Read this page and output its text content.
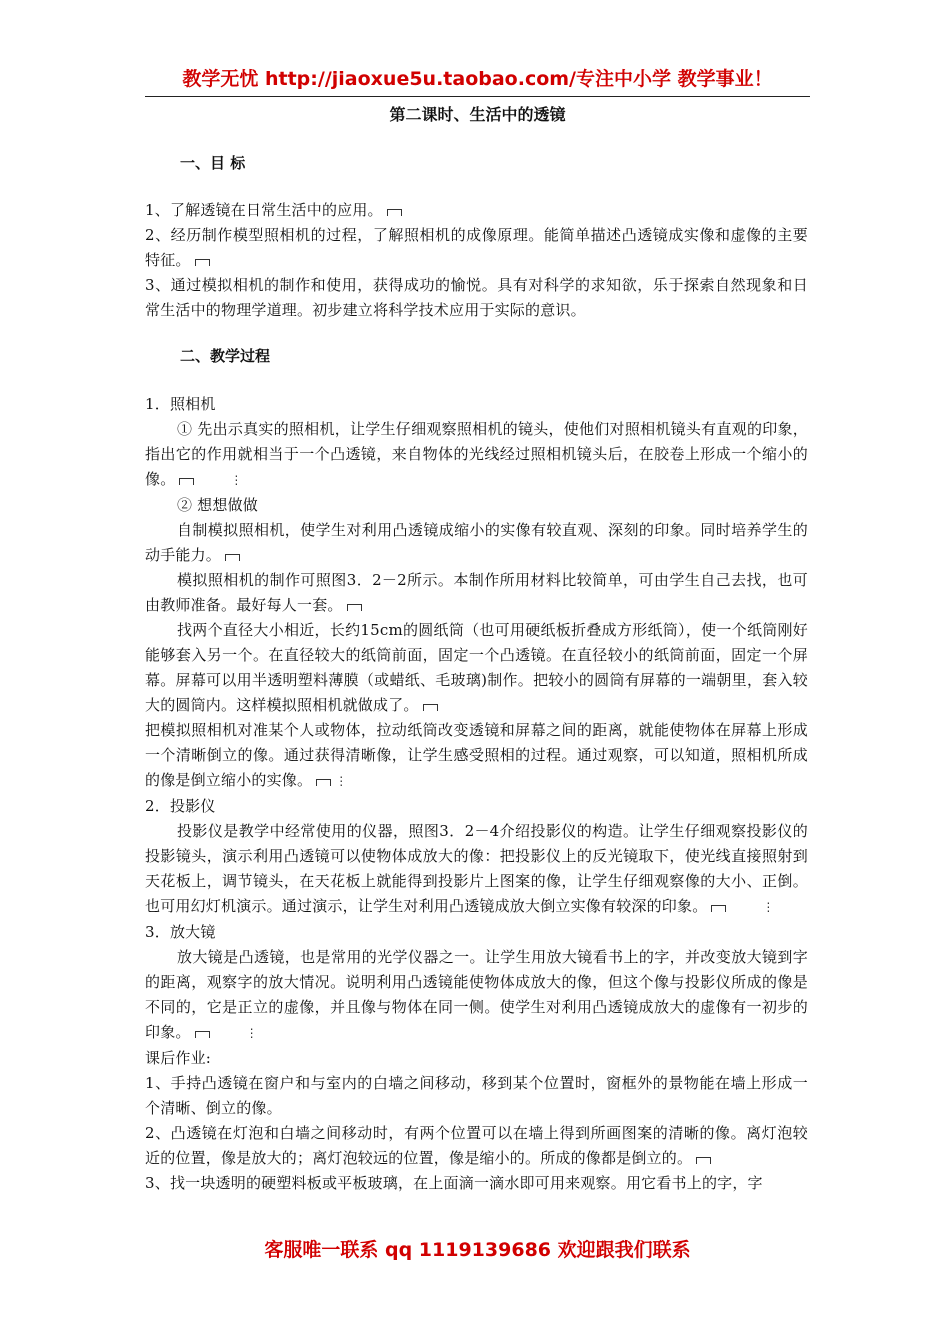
教学无忧 http://jiaoxue5u.taobao.com/专注中小学 教学事业！
第二课时、生活中的透镜
一、目 标

1、了解透镜在日常生活中的应用。

2、经历制作模型照相机的过程，了解照相机的成像原理。能简单描述凸透镜成实像和虚像的主要特征。

3、通过模拟相机的制作和使用，获得成功的愉悦。具有对科学的求知欲，乐于探索自然现象和日常生活中的物理学道理。初步建立将科学技术应用于实际的意识。

二、教学过程

1．照相机

① 先出示真实的照相机，让学生仔细观察照相机的镜头，使他们对照相机镜头有直观的印象，指出它的作用就相当于一个凸透镜，来自物体的光线经过照相机镜头后，在胶卷上形成一个缩小的像。	⋮

② 想想做做

自制模拟照相机，使学生对利用凸透镜成缩小的实像有较直观、深刻的印象。同时培养学生的动手能力。

模拟照相机的制作可照图3．2－2所示。本制作所用材料比较简单，可由学生自己去找，也可由教师准备。最好每人一套。

找两个直径大小相近，长约15cm的圆纸筒（也可用硬纸板折叠成方形纸筒），使一个纸筒刚好能够套入另一个。在直径较大的纸筒前面，固定一个凸透镜。在直径较小的纸筒前面，固定一个屏幕。屏幕可以用半透明塑料薄膜（或蜡纸、毛玻璃)制作。把较小的圆筒有屏幕的一端朝里，套入较大的圆筒内。这样模拟照相机就做成了。

把模拟照相机对准某个人或物体，拉动纸筒改变透镜和屏幕之间的距离，就能使物体在屏幕上形成一个清晰倒立的像。通过获得清晰像，让学生感受照相的过程。通过观察，可以知道，照相机所成的像是倒立缩小的实像。 ⋮

2．投影仪

投影仪是教学中经常使用的仪器，照图3．2－4介绍投影仪的构造。让学生仔细观察投影仪的投影镜头，演示利用凸透镜可以使物体成放大的像：把投影仪上的反光镜取下，使光线直接照射到天花板上，调节镜头，在天花板上就能得到投影片上图案的像，让学生仔细观察像的大小、正倒。也可用幻灯机演示。通过演示，让学生对利用凸透镜成放大倒立实像有较深的印象。	⋮

3．放大镜

放大镜是凸透镜，也是常用的光学仪器之一。让学生用放大镜看书上的字，并改变放大镜到字的距离，观察字的放大情况。说明利用凸透镜能使物体成放大的像，但这个像与投影仪所成的像是不同的，它是正立的虚像，并且像与物体在同一侧。使学生对利用凸透镜成放大的虚像有一初步的印象。	⋮

课后作业:

1、手持凸透镜在窗户和与室内的白墙之间移动，移到某个位置时，窗框外的景物能在墙上形成一个清晰、倒立的像。

2、凸透镜在灯泡和白墙之间移动时，有两个位置可以在墙上得到所画图案的清晰的像。离灯泡较近的位置，像是放大的；离灯泡较远的位置，像是缩小的。所成的像都是倒立的。

3、找一块透明的硬塑料板或平板玻璃，在上面滴一滴水即可用来观察。用它看书上的字，字

客服唯一联系 qq 1119139686 欢迎跟我们联系
